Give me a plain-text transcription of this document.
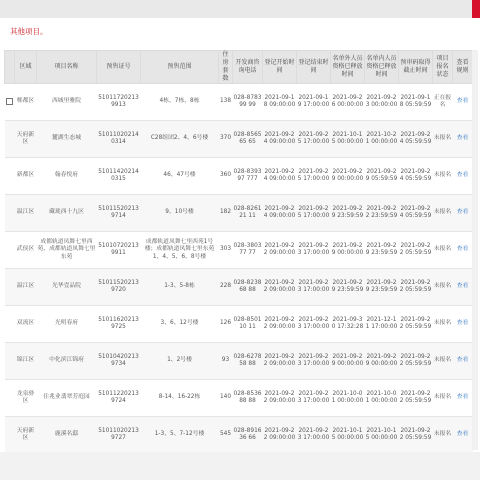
其他项目。
	区域	项目名称	预售证号	预售范围	住房套数	开发商咨询电话	登记开始时间	登记结束时间	名单外人员资格已释放时间	名单内人员资格已释放时间	预审码取得截止时间	项目报名状态	查看规则
	郫都区	西城里雅院	510117202139913	4栋、7栋、8栋	138	028-878399 99	2021-09-18 09:00:00	2021-09-19 17:00:00	2021-09-26 00:00:00	2021-09-23 00:00:00	2021-09-18 05:59:59	正在报名	查看
	天府新区	麓湖生态城	510110202140314	C28组团2、4、6号楼	370	028-856565 65	2021-09-24 09:00:00	2021-09-25 17:00:00	2021-10-15 00:00:00	2021-10-21 00:00:00	2021-09-24 05:59:59	未报名	查看
	新都区	翰春悦府	510114202140315	46、47号楼	360	028-839397 777	2021-09-24 09:00:00	2021-09-25 17:00:00	2021-09-29 00:00:00	2021-09-29 05:59:59	2021-09-24 05:59:59	未报名	查看
	温江区	藏珑西十九区	510115202139714	9、10号楼	182	028-826121 11	2021-09-24 09:00:00	2021-09-25 17:00:00	2021-09-29 23:59:59	2021-09-22 23:59:59	2021-09-24 05:59:59	未报名	查看
	武侯区	成都轨道凤舞七里西苑、成都轨道凤舞七里东苑	510107202139911	成都轨道凤舞七里西苑1号楼；成都轨道凤舞七里东苑1、4、5、6、8号楼	303	028-380377 77	2021-09-22 09:00:00	2021-09-23 17:00:00	2021-09-29 00:00:00	2021-09-29 23:59:59	2021-09-22 05:59:59	未报名	查看
	温江区	光华壹品院	510115202139720	1-3、5-8栋	228	028-823868 88	2021-09-22 09:00:00	2021-09-23 17:00:00	2021-09-29 23:59:59	2021-09-29 23:59:59	2021-09-22 05:59:59	未报名	查看
	双流区	光明春府	510116202139725	3、6、12号楼	126	028-850110 11	2021-09-22 09:00:00	2021-09-23 17:00:00	2021-09-30 17:32:28	2021-12-11 17:00:00	2021-09-22 05:59:59	未报名	查看
	锦江区	中化滨江锦府	510104202139734	1、2号楼	93	028-627858 88	2021-09-22 09:00:00	2021-09-23 17:00:00	2021-09-29 00:00:00	2021-09-29 00:00:00	2021-09-22 05:59:59	未报名	查看
	龙泉驿区	住兆业翡翠芳庭园	510112202139724	8-14、16-22栋	140	028-853688 88	2021-09-22 09:00:00	2021-09-23 17:00:00	2021-10-01 00:00:00	2021-10-01 00:00:00	2021-09-22 05:59:59	未报名	查看
	天府新区	鹿溪名邸	510110202139727	1-3、5、7-12号楼	545	028-891636 66	2021-09-22 09:00:00	2021-09-23 17:00:00	2021-10-15 00:00:00	2021-10-15 00:00:00	2021-09-22 05:59:59	未报名	查看
